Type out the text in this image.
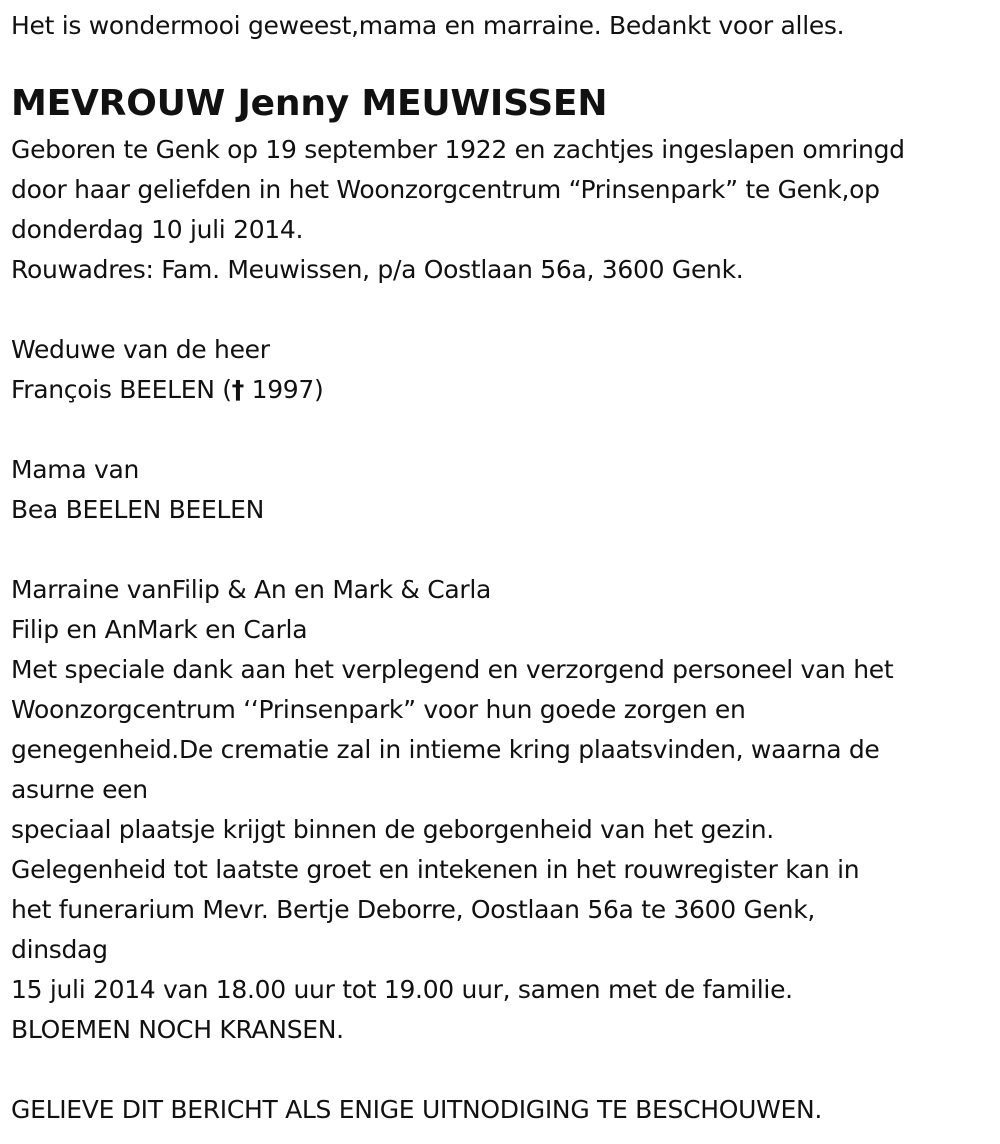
Het is wondermooi geweest,mama en marraine. Bedankt voor alles.
MEVROUW Jenny MEUWISSEN
Geboren te Genk op 19 september 1922 en zachtjes ingeslapen omringd
door haar geliefden in het Woonzorgcentrum “Prinsenpark” te Genk,op
donderdag 10 juli 2014.
Rouwadres: Fam. Meuwissen, p/a Oostlaan 56a, 3600 Genk.
Weduwe van de heer
François BEELEN († 1997)
Mama van
Bea BEELEN BEELEN
Marraine vanFilip & An en Mark & Carla
Filip en AnMark en Carla
Met speciale dank aan het verplegend en verzorgend personeel van het
Woonzorgcentrum ‘‘Prinsenpark” voor hun goede zorgen en
genegenheid.De crematie zal in intieme kring plaatsvinden, waarna de
asurne een
speciaal plaatsje krijgt binnen de geborgenheid van het gezin.
Gelegenheid tot laatste groet en intekenen in het rouwregister kan in
het funerarium Mevr. Bertje Deborre, Oostlaan 56a te 3600 Genk,
dinsdag
15 juli 2014 van 18.00 uur tot 19.00 uur, samen met de familie.
BLOEMEN NOCH KRANSEN.
GELIEVE DIT BERICHT ALS ENIGE UITNODIGING TE BESCHOUWEN.
